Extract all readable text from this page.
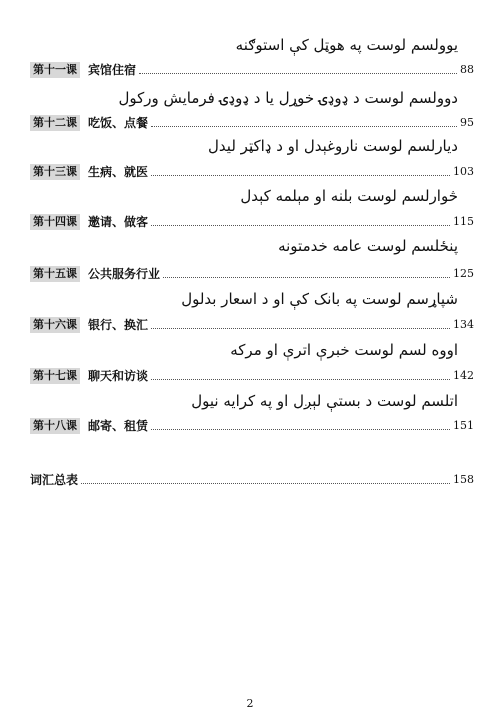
يوولسم لوست په هوټل کې استوګنه
第十一课 宾馆住宿	88
دوولسم لوست د ډوډۍ خوړل يا د ډوډۍ فرمايش ورکول
第十二课 吃饭、点餐	95
ديارلسم لوست ناروغېدل او د ډاکټر ليدل
第十三课 生病、就医	103
څوارلسم لوست بلنه او مېلمه کېدل
第十四课 邀请、做客	115
پنځلسم لوست عامه خدمتونه
第十五课 公共服务行业	125
شپاړسم لوست په بانک کې او د اسعار بدلول
第十六课 银行、换汇	134
اووه لسم لوست خبرې اترې او مرکه
第十七课 聊天和访谈	142
اتلسم لوست د بستې لېږل او په کرايه نيول
第十八课 邮寄、租赁	151
词汇总表	158
2
